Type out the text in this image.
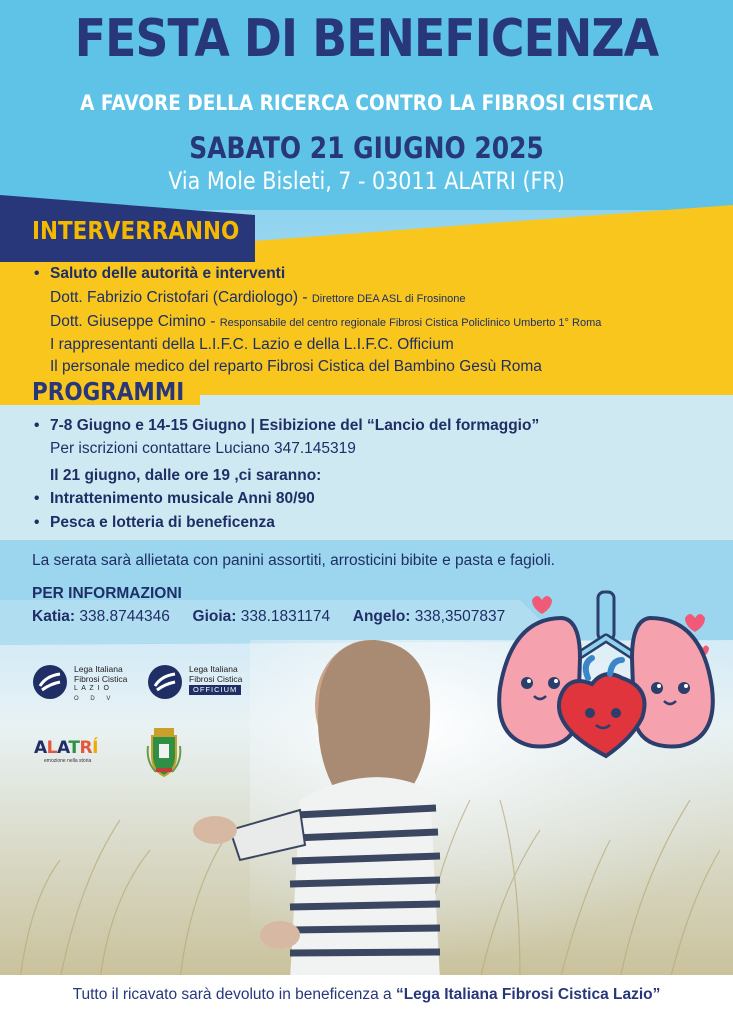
FESTA DI BENEFICENZA
A FAVORE DELLA RICERCA CONTRO LA FIBROSI CISTICA
SABATO 21 GIUGNO 2025
Via Mole Bisleti, 7 - 03011 ALATRI (FR)
INTERVERRANNO
• Saluto delle autorità e interventi
Dott. Fabrizio Cristofari (Cardiologo) - Direttore DEA ASL di Frosinone
Dott. Giuseppe Cimino - Responsabile del centro regionale Fibrosi Cistica Policlinico Umberto 1° Roma
I rappresentanti della L.I.F.C. Lazio e della L.I.F.C. Officium
Il personale medico del reparto Fibrosi Cistica del Bambino Gesù Roma
PROGRAMMI
• 7-8 Giugno e 14-15 Giugno | Esibizione del “Lancio del formaggio”
Per iscrizioni contattare Luciano 347.145319
Il 21 giugno, dalle ore 19 ,ci saranno:
• Intrattenimento musicale Anni 80/90
• Pesca e lotteria di beneficenza
La serata sarà allietata con panini assortiti, arrosticini bibite e pasta e fagioli.
PER INFORMAZIONI
Katia: 338.8744346 Gioia: 338.1831174 Angelo: 338,3507837
Lega Italiana
Fibrosi Cistica
L A Z I O
O D V
Lega Italiana
Fibrosi Cistica
OFFICIUM
ALATRÍ
emozione nella storia
Tutto il ricavato sarà devoluto in beneficenza a “Lega Italiana Fibrosi Cistica Lazio”
